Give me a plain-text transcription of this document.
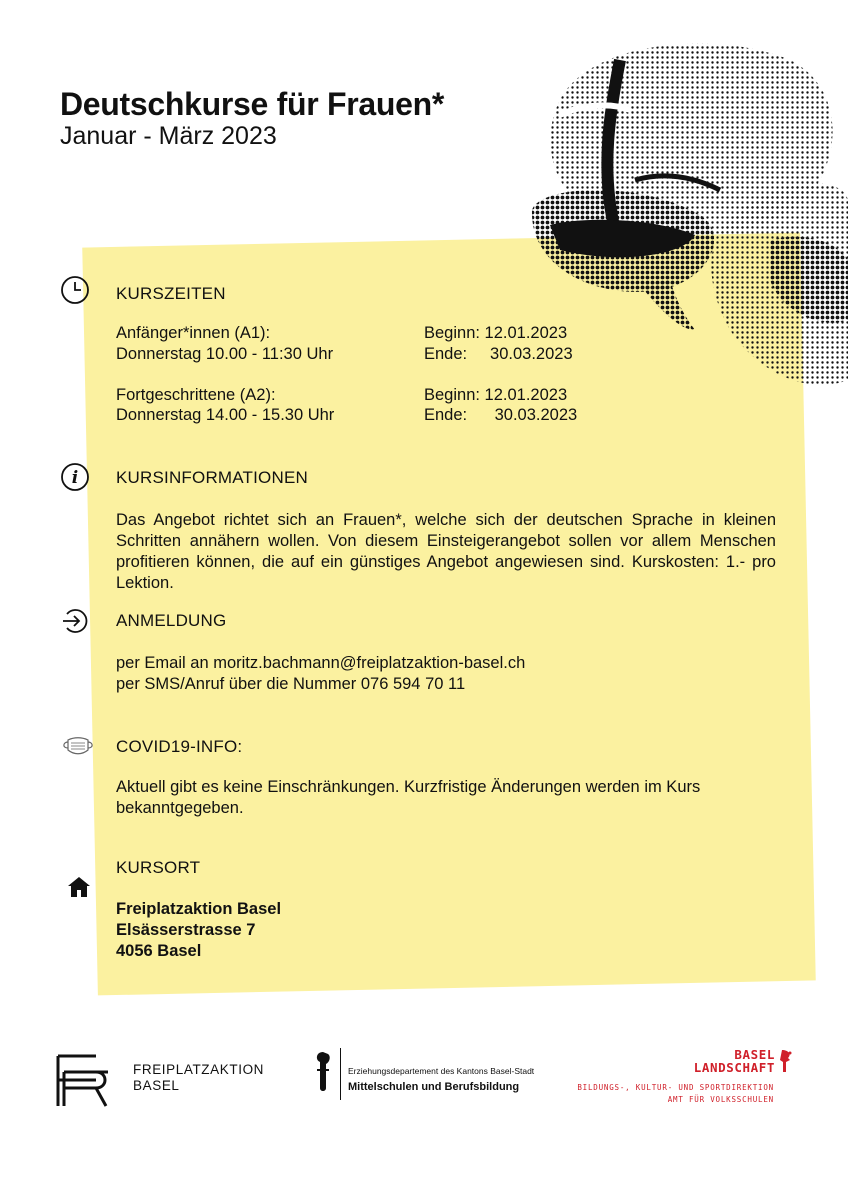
Deutschkurse für Frauen*
Januar - März 2023
KURSZEITEN
Anfänger*innen (A1):
Donnerstag 10.00 - 11:30 Uhr
Beginn: 12.01.2023
Ende:     30.03.2023
Fortgeschrittene (A2):
Donnerstag 14.00 - 15.30 Uhr
Beginn: 12.01.2023
Ende:      30.03.2023
i KURSINFORMATIONEN
Das Angebot richtet sich an Frauen*, welche sich der deutschen Sprache in kleinen Schritten annähern wollen. Von diesem Einsteigerangebot sollen vor allem Menschen profitieren können, die auf ein günstiges Angebot angewiesen sind. Kurskosten: 1.- pro Lektion.
ANMELDUNG
per Email an moritz.bachmann@freiplatzaktion-basel.ch
per SMS/Anruf über die Nummer 076 594 70 11
COVID19-INFO:
Aktuell gibt es keine Einschränkungen. Kurzfristige Änderungen werden im Kurs
bekanntgegeben.
KURSORT
Freiplatzaktion Basel
Elsässerstrasse 7
4056 Basel
FREIPLATZAKTION
BASEL
Erziehungsdepartement des Kantons Basel-Stadt
Mittelschulen und Berufsbildung
BASEL
LANDSCHAFT
BILDUNGS-, KULTUR- UND SPORTDIREKTION
AMT FÜR VOLKSSCHULEN
